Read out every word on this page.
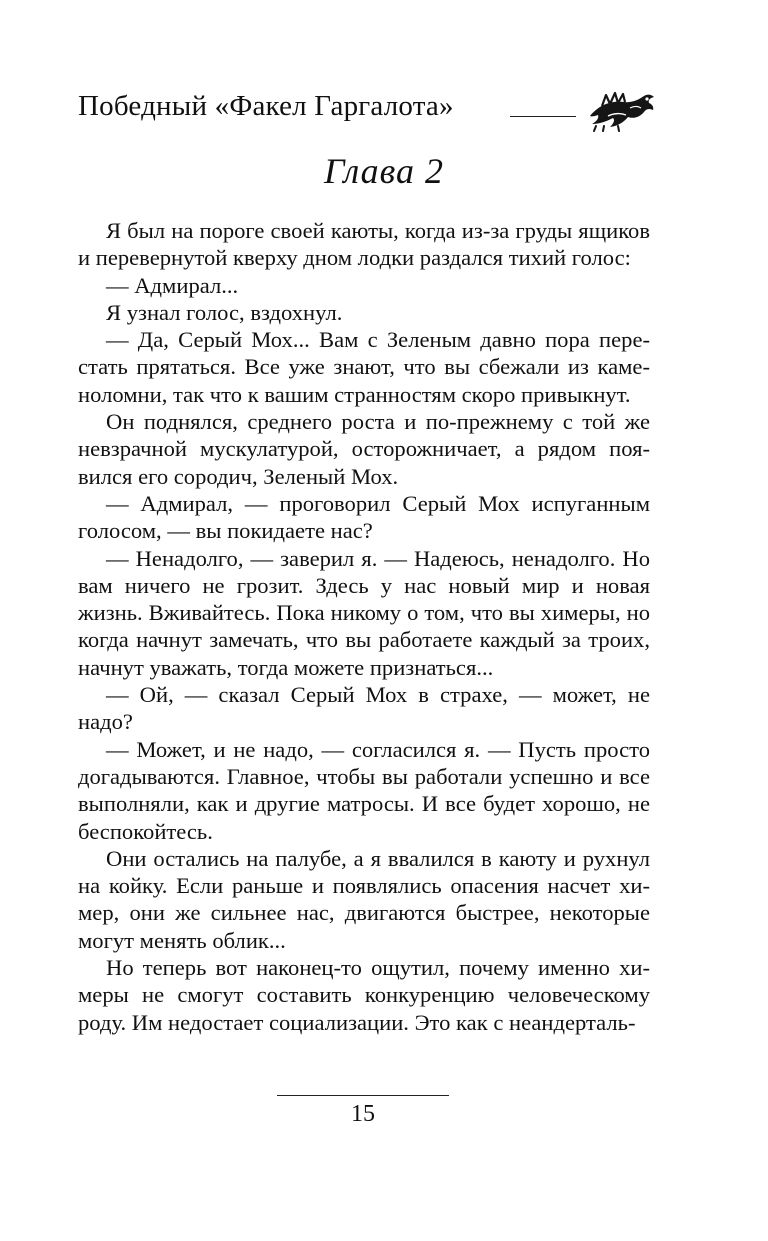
Победный «Факел Гаргалота»
Глава 2

Я был на пороге своей каюты, когда из-за груды ящиков и перевернутой кверху дном лодки раздался тихий голос:

— Адмирал...

Я узнал голос, вздохнул.

— Да, Серый Мох... Вам с Зеленым давно пора перестать прятаться. Все уже знают, что вы сбежали из каменоломни, так что к вашим странностям скоро привыкнут.

Он поднялся, среднего роста и по-прежнему с той же невзрачной мускулатурой, осторожничает, а рядом появился его сородич, Зеленый Мох.

— Адмирал, — проговорил Серый Мох испуганным голосом, — вы покидаете нас?

— Ненадолго, — заверил я. — Надеюсь, ненадолго. Но вам ничего не грозит. Здесь у нас новый мир и новая жизнь. Вживайтесь. Пока никому о том, что вы химеры, но когда начнут замечать, что вы работаете каждый за троих, начнут уважать, тогда можете признаться...

— Ой, — сказал Серый Мох в страхе, — может, не надо?

— Может, и не надо, — согласился я. — Пусть просто догадываются. Главное, чтобы вы работали успешно и все выполняли, как и другие матросы. И все будет хорошо, не беспокойтесь.

Они остались на палубе, а я ввалился в каюту и рухнул на койку. Если раньше и появлялись опасения насчет химер, они же сильнее нас, двигаются быстрее, некоторые могут менять облик...

Но теперь вот наконец-то ощутил, почему именно химеры не смогут составить конкуренцию человеческому роду. Им недостает социализации. Это как с неандерталь-

15
